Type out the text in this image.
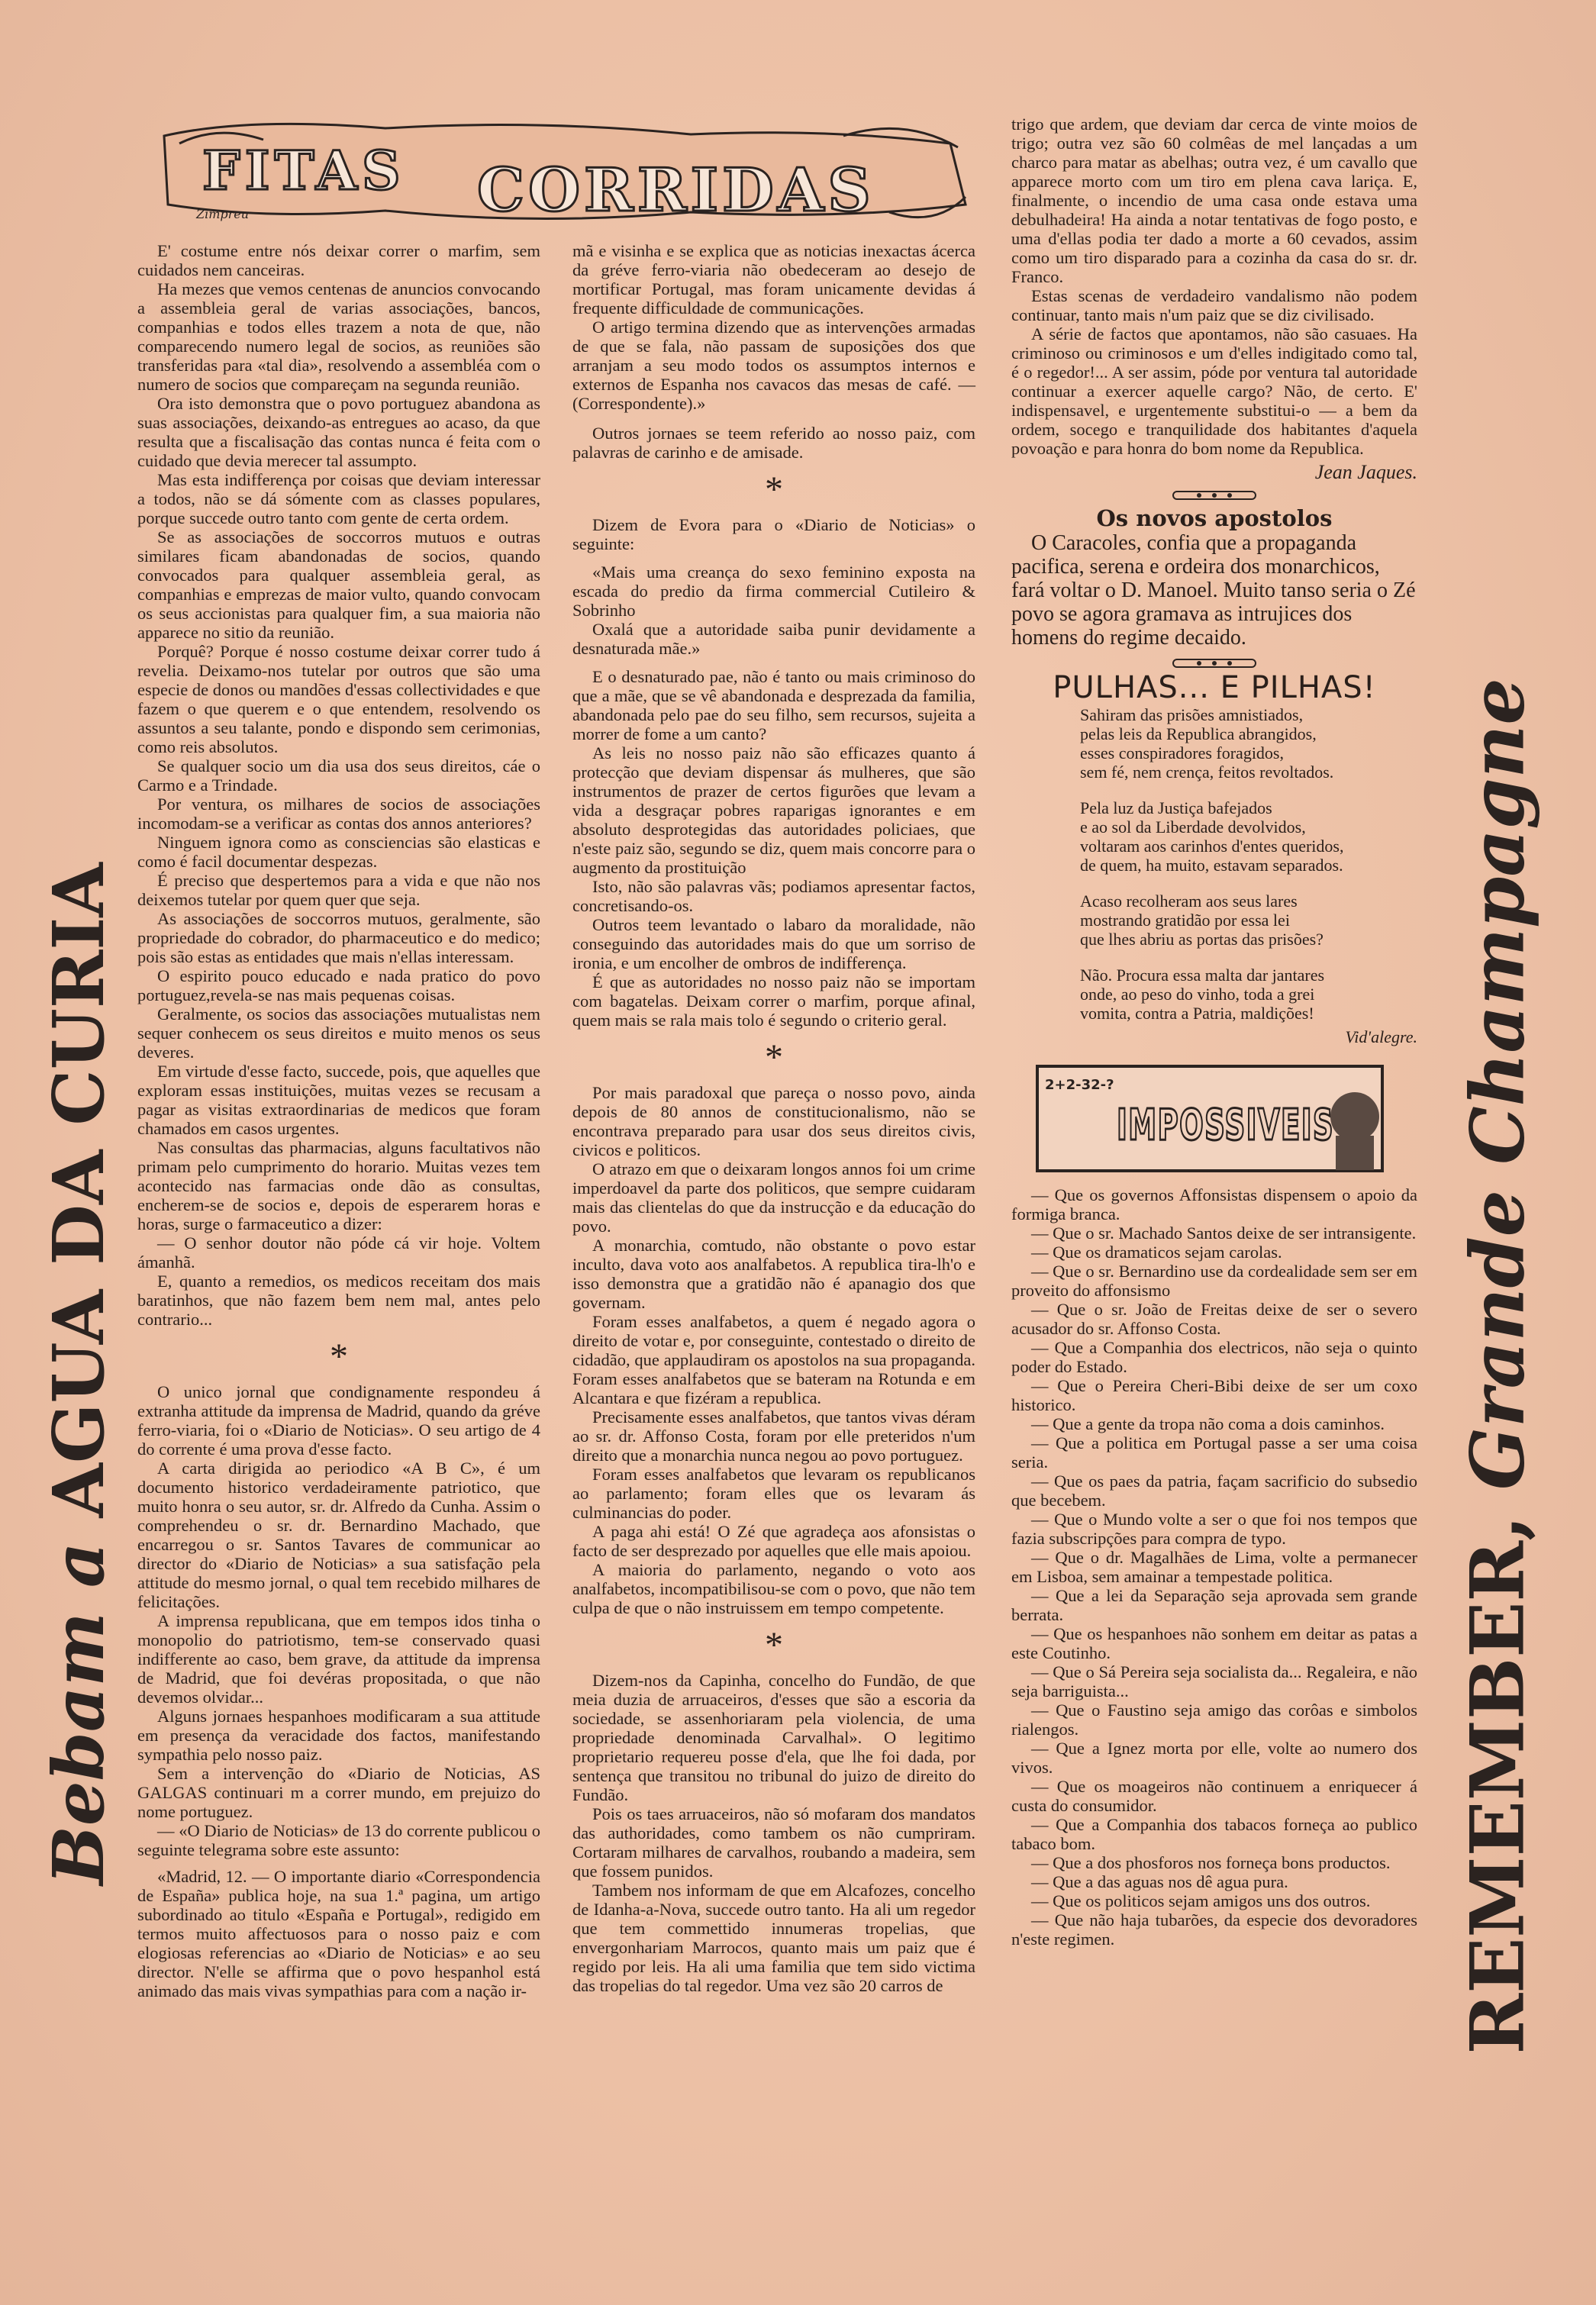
Bebam a AGUA DA CURIA
REMEMBER, Grande Champagne
FITAS CORRIDAS
Zimpreu

E' costume entre nós deixar correr o marfim, sem cuidados nem canceiras.

Ha mezes que vemos centenas de anuncios convocando a assembleia geral de varias associações, bancos, companhias e todos elles trazem a nota de que, não comparecendo numero legal de socios, as reuniões são transferidas para «tal dia», resolvendo a assembléa com o numero de socios que compareçam na segunda reunião.

Ora isto demonstra que o povo portuguez abandona as suas associações, deixando-as entregues ao acaso, da que resulta que a fiscalisação das contas nunca é feita com o cuidado que devia merecer tal assumpto.

Mas esta indifferença por coisas que deviam interessar a todos, não se dá sómente com as classes populares, porque succede outro tanto com gente de certa ordem.

Se as associações de soccorros mutuos e outras similares ficam abandonadas de socios, quando convocados para qualquer assembleia geral, as companhias e emprezas de maior vulto, quando convocam os seus accionistas para qualquer fim, a sua maioria não apparece no sitio da reunião.

Porquê? Porque é nosso costume deixar correr tudo á revelia. Deixamo-nos tutelar por outros que são uma especie de donos ou mandões d'essas collectividades e que fazem o que querem e o que entendem, resolvendo os assuntos a seu talante, pondo e dispondo sem cerimonias, como reis absolutos.

Se qualquer socio um dia usa dos seus direitos, cáe o Carmo e a Trindade.

Por ventura, os milhares de socios de associações incomodam-se a verificar as contas dos annos anteriores?

Ninguem ignora como as consciencias são elasticas e como é facil documentar despezas.

É preciso que despertemos para a vida e que não nos deixemos tutelar por quem quer que seja.

As associações de soccorros mutuos, geralmente, são propriedade do cobrador, do pharmaceutico e do medico; pois são estas as entidades que mais n'ellas interessam.

O espirito pouco educado e nada pratico do povo portuguez,revela-se nas mais pequenas coisas.

Geralmente, os socios das associações mutualistas nem sequer conhecem os seus direitos e muito menos os seus deveres.

Em virtude d'esse facto, succede, pois, que aquelles que exploram essas instituições, muitas vezes se recusam a pagar as visitas extraordinarias de medicos que foram chamados em casos urgentes.

Nas consultas das pharmacias, alguns facultativos não primam pelo cumprimento do horario. Muitas vezes tem acontecido nas farmacias onde dão as consultas, encherem-se de socios e, depois de esperarem horas e horas, surge o farmaceutico a dizer:

— O senhor doutor não póde cá vir hoje. Voltem ámanhã.

E, quanto a remedios, os medicos receitam dos mais baratinhos, que não fazem bem nem mal, antes pelo contrario...

*

O unico jornal que condignamente respondeu á extranha attitude da imprensa de Madrid, quando da gréve ferro-viaria, foi o «Diario de Noticias». O seu artigo de 4 do corrente é uma prova d'esse facto.

A carta dirigida ao periodico «A B C», é um documento historico verdadeiramente patriotico, que muito honra o seu autor, sr. dr. Alfredo da Cunha. Assim o comprehendeu o sr. dr. Bernardino Machado, que encarregou o sr. Santos Tavares de communicar ao director do «Diario de Noticias» a sua satisfação pela attitude do mesmo jornal, o qual tem recebido milhares de felicitações.

A imprensa republicana, que em tempos idos tinha o monopolio do patriotismo, tem-se conservado quasi indifferente ao caso, bem grave, da attitude da imprensa de Madrid, que foi devéras propositada, o que não devemos olvidar...

Alguns jornaes hespanhoes modificaram a sua attitude em presença da veracidade dos factos, manifestando sympathia pelo nosso paiz.

Sem a intervenção do «Diario de Noticias, AS GALGAS continuari m a correr mundo, em prejuizo do nome portuguez.

— «O Diario de Noticias» de 13 do corrente publicou o seguinte telegrama sobre este assunto:

«Madrid, 12. — O importante diario «Correspondencia de España» publica hoje, na sua 1.ª pagina, um artigo subordinado ao titulo «España e Portugal», redigido em termos muito affectuosos para o nosso paiz e com elogiosas referencias ao «Diario de Noticias» e ao seu director. N'elle se affirma que o povo hespanhol está animado das mais vivas sympathias para com a nação ir-

mã e visinha e se explica que as noticias inexactas ácerca da gréve ferro-viaria não obedeceram ao desejo de mortificar Portugal, mas foram unicamente devidas á frequente difficuldade de communicações.

O artigo termina dizendo que as intervenções armadas de que se fala, não passam de suposições dos que arranjam a seu modo todos os assumptos internos e externos de Espanha nos cavacos das mesas de café. — (Correspondente).»

Outros jornaes se teem referido ao nosso paiz, com palavras de carinho e de amisade.

*

Dizem de Evora para o «Diario de Noticias» o seguinte:

«Mais uma creança do sexo feminino exposta na escada do predio da firma commercial Cutileiro & Sobrinho

Oxalá que a autoridade saiba punir devidamente a desnaturada mãe.»

E o desnaturado pae, não é tanto ou mais criminoso do que a mãe, que se vê abandonada e desprezada da familia, abandonada pelo pae do seu filho, sem recursos, sujeita a morrer de fome a um canto?

As leis no nosso paiz não são efficazes quanto á protecção que deviam dispensar ás mulheres, que são instrumentos de prazer de certos figurões que levam a vida a desgraçar pobres raparigas ignorantes e em absoluto desprotegidas das autoridades policiaes, que n'este paiz são, segundo se diz, quem mais concorre para o augmento da prostituição

Isto, não são palavras vãs; podiamos apresentar factos, concretisando-os.

Outros teem levantado o labaro da moralidade, não conseguindo das autoridades mais do que um sorriso de ironia, e um encolher de ombros de indifferença.

É que as autoridades no nosso paiz não se importam com bagatelas. Deixam correr o marfim, porque afinal, quem mais se rala mais tolo é segundo o criterio geral.

*

Por mais paradoxal que pareça o nosso povo, ainda depois de 80 annos de constitucionalismo, não se encontrava preparado para usar dos seus direitos civis, civicos e politicos.

O atrazo em que o deixaram longos annos foi um crime imperdoavel da parte dos politicos, que sempre cuidaram mais das clientelas do que da instrucção e da educação do povo.

A monarchia, comtudo, não obstante o povo estar inculto, dava voto aos analfabetos. A republica tira-lh'o e isso demonstra que a gratidão não é apanagio dos que governam.

Foram esses analfabetos, a quem é negado agora o direito de votar e, por conseguinte, contestado o direito de cidadão, que applaudiram os apostolos na sua propaganda. Foram esses analfabetos que se bateram na Rotunda e em Alcantara e que fizéram a republica.

Precisamente esses analfabetos, que tantos vivas déram ao sr. dr. Affonso Costa, foram por elle preteridos n'um direito que a monarchia nunca negou ao povo portuguez.

Foram esses analfabetos que levaram os republicanos ao parlamento; foram elles que os levaram ás culminancias do poder.

A paga ahi está! O Zé que agradeça aos afonsistas o facto de ser desprezado por aquelles que elle mais apoiou.

A maioria do parlamento, negando o voto aos analfabetos, incompatibilisou-se com o povo, que não tem culpa de que o não instruissem em tempo competente.

*

Dizem-nos da Capinha, concelho do Fundão, de que meia duzia de arruaceiros, d'esses que são a escoria da sociedade, se assenhoriaram pela violencia, de uma propriedade denominada Carvalhal». O legitimo proprietario requereu posse d'ela, que lhe foi dada, por sentença que transitou no tribunal do juizo de direito do Fundão.

Pois os taes arruaceiros, não só mofaram dos mandatos das authoridades, como tambem os não cumpriram. Cortaram milhares de carvalhos, roubando a madeira, sem que fossem punidos.

Tambem nos informam de que em Alcafozes, concelho de Idanha-a-Nova, succede outro tanto. Ha ali um regedor que tem commettido innumeras tropelias, que envergonhariam Marrocos, quanto mais um paiz que é regido por leis. Ha ali uma familia que tem sido victima das tropelias do tal regedor. Uma vez são 20 carros de

trigo que ardem, que deviam dar cerca de vinte moios de trigo; outra vez são 60 colmêas de mel lançadas a um charco para matar as abelhas; outra vez, é um cavallo que apparece morto com um tiro em plena cava lariça. E, finalmente, o incendio de uma casa onde estava uma debulhadeira! Ha ainda a notar tentativas de fogo posto, e uma d'ellas podia ter dado a morte a 60 cevados, assim como um tiro disparado para a cozinha da casa do sr. dr. Franco.

Estas scenas de verdadeiro vandalismo não podem continuar, tanto mais n'um paiz que se diz civilisado.

A série de factos que apontamos, não são casuaes. Ha criminoso ou criminosos e um d'elles indigitado como tal, é o regedor!... A ser assim, póde por ventura tal autoridade continuar a exercer aquelle cargo? Não, de certo. E' indispensavel, e urgentemente substitui-o — a bem da ordem, socego e tranquilidade dos habitantes d'aquela povoação e para honra do bom nome da Republica.

Jean Jaques.
Os novos apostolos

O Caracoles, confia que a propaganda pacifica, serena e ordeira dos monarchicos, fará voltar o D. Manoel. Muito tanso seria o Zé povo se agora gramava as intrujices dos homens do regime decaido.

PULHAS... E PILHAS!
Sahiram das prisões amnistiados,
pelas leis da Republica abrangidos,
esses conspiradores foragidos,
sem fé, nem crença, feitos revoltados.
Pela luz da Justiça bafejados
e ao sol da Liberdade devolvidos,
voltaram aos carinhos d'entes queridos,
de quem, ha muito, estavam separados.
Acaso recolheram aos seus lares
mostrando gratidão por essa lei
que lhes abriu as portas das prisões?
Não. Procura essa malta dar jantares
onde, ao peso do vinho, toda a grei
vomita, contra a Patria, maldições!
Vid'alegre.
2+2-32-?
IMPOSSIVEIS

— Que os governos Affonsistas dispensem o apoio da formiga branca.

— Que o sr. Machado Santos deixe de ser intransigente.

— Que os dramaticos sejam carolas.

— Que o sr. Bernardino use da cordealidade sem ser em proveito do affonsismo

— Que o sr. João de Freitas deixe de ser o severo acusador do sr. Affonso Costa.

— Que a Companhia dos electricos, não seja o quinto poder do Estado.

— Que o Pereira Cheri-Bibi deixe de ser um coxo historico.

— Que a gente da tropa não coma a dois caminhos.

— Que a politica em Portugal passe a ser uma coisa seria.

— Que os paes da patria, façam sacrificio do subsedio que becebem.

— Que o Mundo volte a ser o que foi nos tempos que fazia subscripções para compra de typo.

— Que o dr. Magalhães de Lima, volte a permanecer em Lisboa, sem amainar a tempestade politica.

— Que a lei da Separação seja aprovada sem grande berrata.

— Que os hespanhoes não sonhem em deitar as patas a este Coutinho.

— Que o Sá Pereira seja socialista da... Regaleira, e não seja barriguista...

— Que o Faustino seja amigo das corôas e simbolos rialengos.

— Que a Ignez morta por elle, volte ao numero dos vivos.

— Que os moageiros não continuem a enriquecer á custa do consumidor.

— Que a Companhia dos tabacos forneça ao publico tabaco bom.

— Que a dos phosforos nos forneça bons productos.

— Que a das aguas nos dê agua pura.

— Que os politicos sejam amigos uns dos outros.

— Que não haja tubarões, da especie dos devoradores n'este regimen.
